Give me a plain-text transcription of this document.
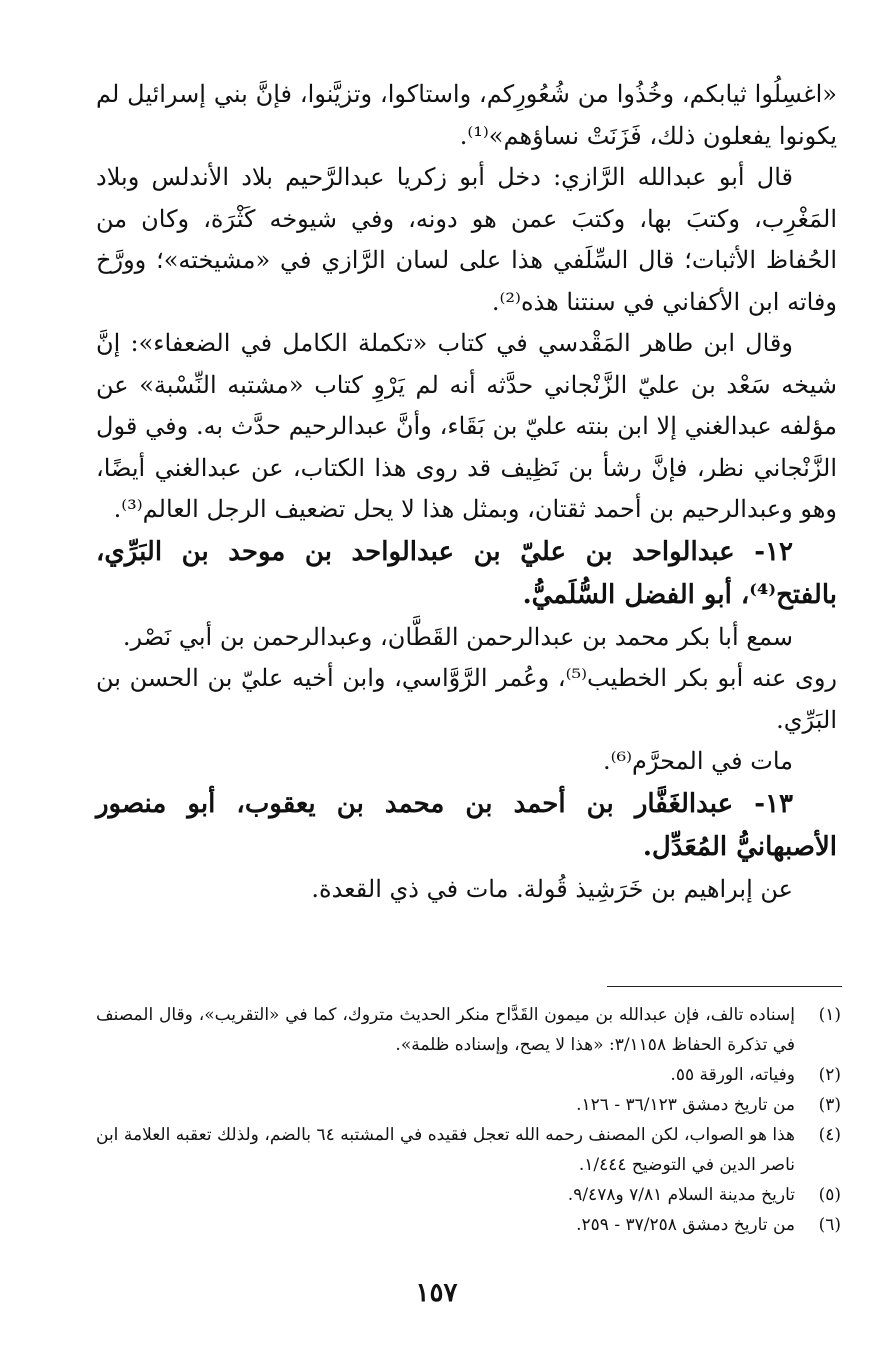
«اغسِلُوا ثيابكم، وخُذُوا من شُعُورِكم، واستاكوا، وتزيَّنوا، فإنَّ بني إسرائيل لم يكونوا يفعلون ذلك، فَزَنَتْ نساؤهم»⁽¹⁾.

قال أبو عبدالله الرَّازي: دخل أبو زكريا عبدالرَّحيم بلاد الأندلس وبلاد المَغْرِب، وكتبَ بها، وكتبَ عمن هو دونه، وفي شيوخه كَثْرَة، وكان من الحُفاظ الأثبات؛ قال السِّلَفي هذا على لسان الرَّازي في «مشيخته»؛ وورَّخ وفاته ابن الأكفاني في سنتنا هذه⁽²⁾.

وقال ابن طاهر المَقْدسي في كتاب «تكملة الكامل في الضعفاء»: إنَّ شيخه سَعْد بن عليّ الزَّنْجاني حدَّثه أنه لم يَرْوِ كتاب «مشتبه النِّسْبة» عن مؤلفه عبدالغني إلا ابن بنته عليّ بن بَقَاء، وأنَّ عبدالرحيم حدَّث به. وفي قول الزَّنْجاني نظر، فإنَّ رشأ بن نَظِيف قد روى هذا الكتاب، عن عبدالغني أيضًا، وهو وعبدالرحيم بن أحمد ثقتان، وبمثل هذا لا يحل تضعيف الرجل العالم⁽³⁾.

١٢- عبدالواحد بن عليّ بن عبدالواحد بن موحد بن البَرِّي، بالفتح⁽⁴⁾، أبو الفضل السُّلَميُّ.

سمع أبا بكر محمد بن عبدالرحمن القَطَّان، وعبدالرحمن بن أبي نَصْر.

روى عنه أبو بكر الخطيب⁽⁵⁾، وعُمر الرَّوَّاسي، وابن أخيه عليّ بن الحسن بن البَرِّي.

مات في المحرَّم⁽⁶⁾.

١٣- عبدالغَفَّار بن أحمد بن محمد بن يعقوب، أبو منصور الأصبهانيُّ المُعَدِّل.

عن إبراهيم بن خَرَشِيذ قُولة. مات في ذي القعدة.

(١)
إسناده تالف، فإن عبدالله بن ميمون القَدَّاح منكر الحديث متروك، كما في «التقريب»، وقال المصنف في تذكرة الحفاظ ٣/١١٥٨: «هذا لا يصح، وإسناده ظلمة».
(٢)
وفياته، الورقة ٥٥.
(٣)
من تاريخ دمشق ٣٦/١٢٣ - ١٢٦.
(٤)
هذا هو الصواب، لكن المصنف رحمه الله تعجل فقيده في المشتبه ٦٤ بالضم، ولذلك تعقبه العلامة ابن ناصر الدين في التوضيح ١/٤٤٤.
(٥)
تاريخ مدينة السلام ٧/٨١ و٩/٤٧٨.
(٦)
من تاريخ دمشق ٣٧/٢٥٨ - ٢٥٩.
١٥٧
